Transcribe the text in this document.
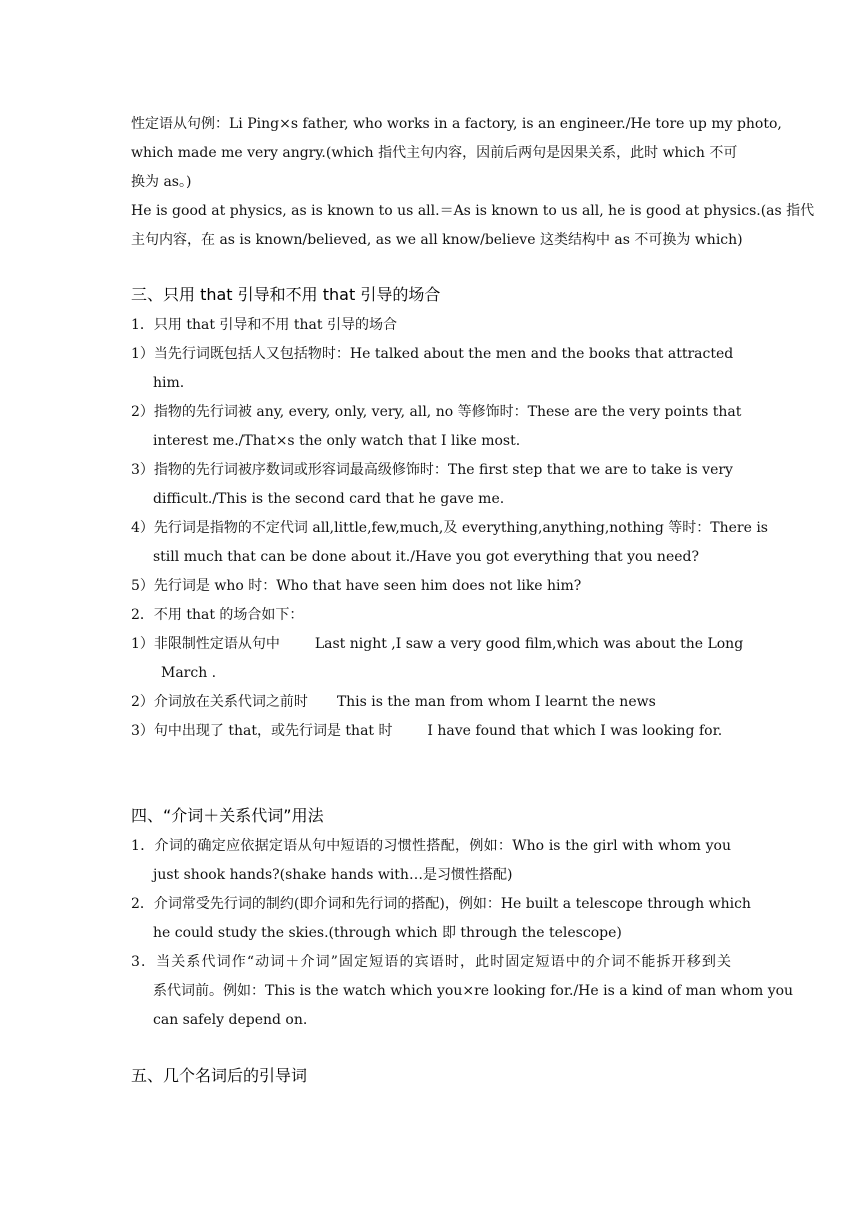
性定语从句例：Li Ping×s father, who works in a factory, is an engineer./He tore up my photo,
which made me very angry.(which 指代主句内容，因前后两句是因果关系，此时 which 不可
换为 as。)
He is good at physics, as is known to us all.＝As is known to us all, he is good at physics.(as 指代
主句内容，在 as is known/believed, as we all know/believe 这类结构中 as 不可换为 which)
三、只用 that 引导和不用 that 引导的场合
1．只用 that 引导和不用 that 引导的场合
1）当先行词既包括人又包括物时：He talked about the men and the books that attracted
him.
2）指物的先行词被 any, every, only, very, all, no 等修饰时：These are the very points that
interest me./That×s the only watch that I like most.
3）指物的先行词被序数词或形容词最高级修饰时：The first step that we are to take is very
difficult./This is the second card that he gave me.
4）先行词是指物的不定代词 all,little,few,much,及 everything,anything,nothing 等时：There is
still much that can be done about it./Have you got everything that you need?
5）先行词是 who 时：Who that have seen him does not like him?
2．不用 that 的场合如下：
1）非限制性定语从句中 Last night ,I saw a very good film,which was about the Long
March .
2）介词放在关系代词之前时 This is the man from whom I learnt the news
3）句中出现了 that，或先行词是 that 时 I have found that which I was looking for.
四、“介词＋关系代词”用法
1．介词的确定应依据定语从句中短语的习惯性搭配，例如：Who is the girl with whom you
just shook hands?(shake hands with…是习惯性搭配)
2．介词常受先行词的制约(即介词和先行词的搭配)，例如：He built a telescope through which
he could study the skies.(through which 即 through the telescope)
3．当关系代词作“动词＋介词”固定短语的宾语时，此时固定短语中的介词不能拆开移到关
系代词前。例如：This is the watch which you×re looking for./He is a kind of man whom you
can safely depend on.
五、几个名词后的引导词
